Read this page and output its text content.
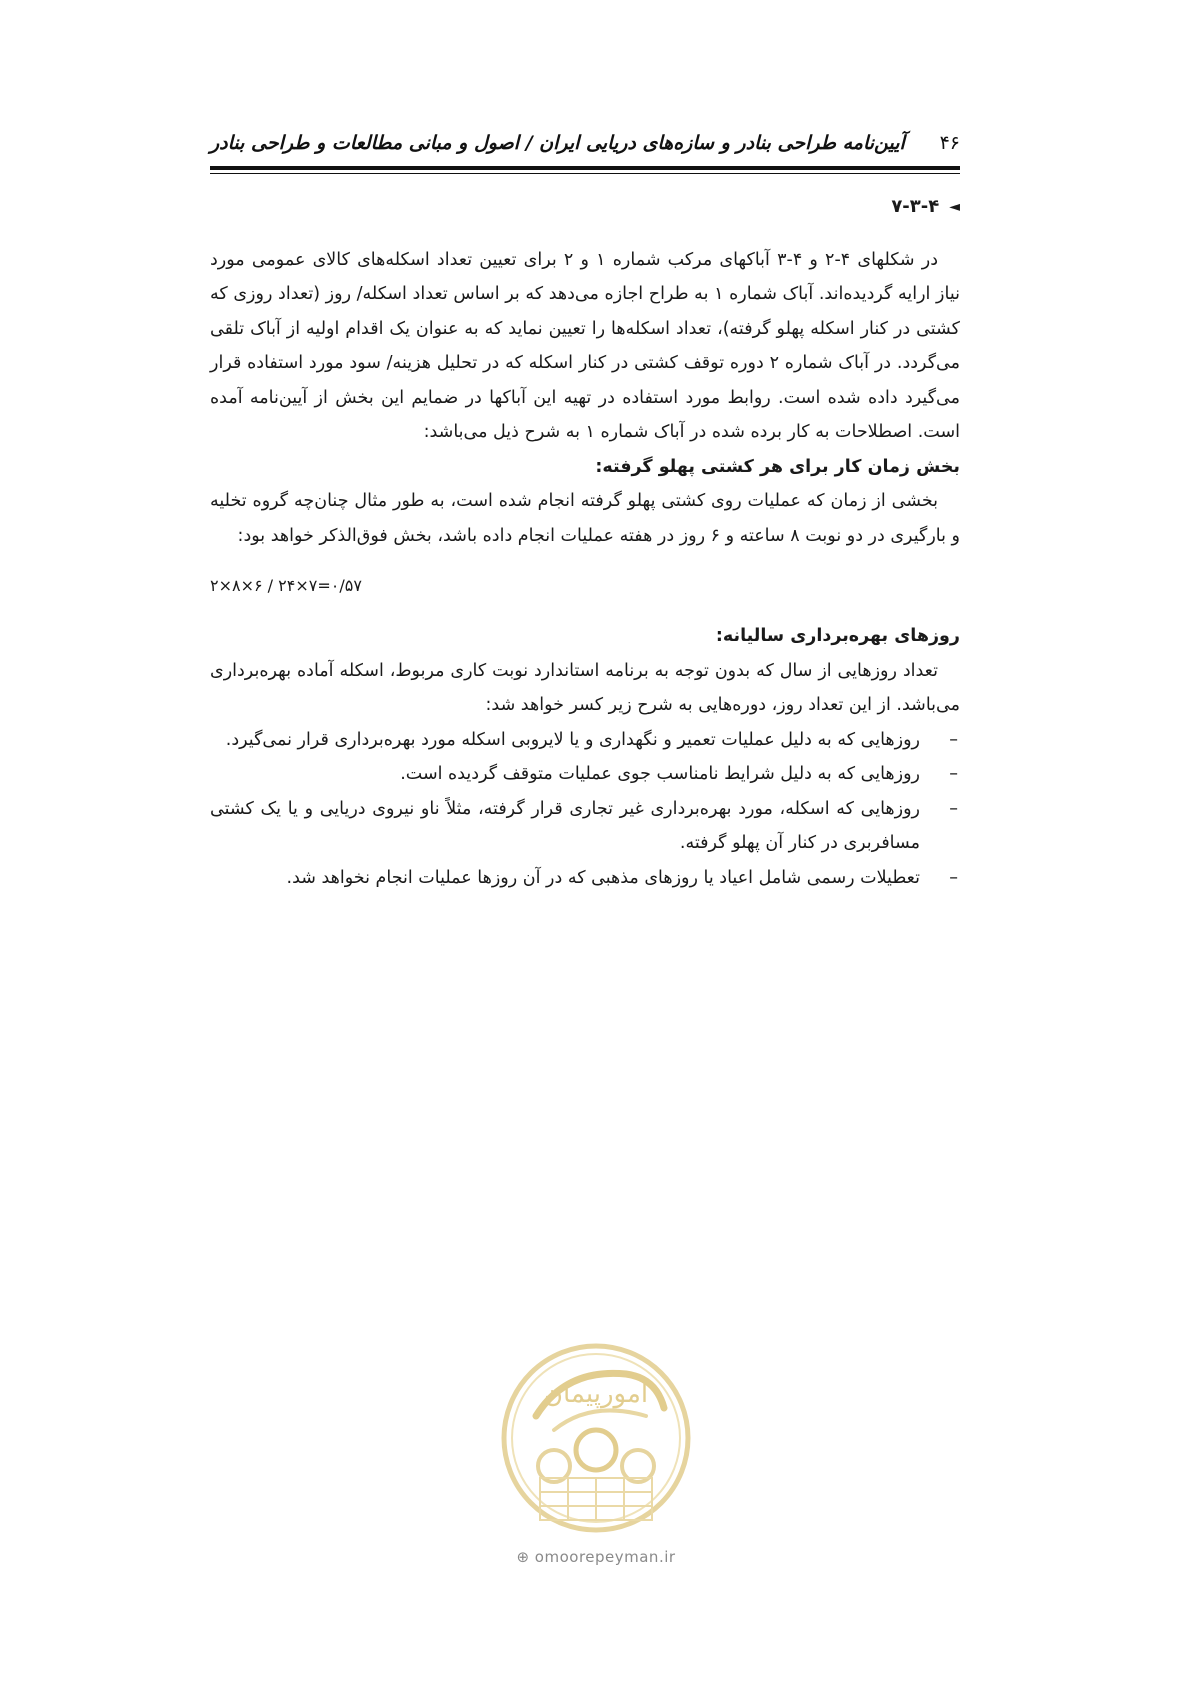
۴۶
آیین‌نامه طراحی بنادر و سازه‌های دریایی ایران / اصول و مبانی مطالعات و طراحی بنادر
◄
۷-۳-۴

در شکلهای ۴-۲ و ۴-۳ آباکهای مرکب شماره ۱ و ۲ برای تعیین تعداد اسکله‌های کالای عمومی مورد نیاز ارایه گردیده‌اند. آباک شماره ۱ به طراح اجازه می‌دهد که بر اساس تعداد اسکله/ روز (تعداد روزی که کشتی در کنار اسکله پهلو گرفته)، تعداد اسکله‌ها را تعیین نماید که به عنوان یک اقدام اولیه از آباک تلقی می‌گردد. در آباک شماره ۲ دوره توقف کشتی در کنار اسکله که در تحلیل هزینه/ سود مورد استفاده قرار می‌گیرد داده شده است. روابط مورد استفاده در تهیه این آباکها در ضمایم این بخش از آیین‌نامه آمده است. اصطلاحات به کار برده شده در آباک شماره ۱ به شرح ذیل می‌باشد:

بخش زمان کار برای هر کشتی پهلو گرفته:

بخشی از زمان که عملیات روی کشتی پهلو گرفته انجام شده است، به طور مثال چنان‌چه گروه تخلیه و بارگیری در دو نوبت ۸ ساعته و ۶ روز در هفته عملیات انجام داده باشد، بخش فوق‌الذکر خواهد بود:

۲×۸×۶ / ۲۴×۷=۰/۵۷

روزهای بهره‌برداری سالیانه:

تعداد روزهایی از سال که بدون توجه به برنامه استاندارد نوبت کاری مربوط، اسکله آماده بهره‌برداری می‌باشد. از این تعداد روز، دوره‌هایی به شرح زیر کسر خواهد شد:

–
روزهایی که به دلیل عملیات تعمیر و نگهداری و یا لایروبی اسکله مورد بهره‌برداری قرار نمی‌گیرد.
–
روزهایی که به دلیل شرایط نامناسب جوی عملیات متوقف گردیده است.
–
روزهایی که اسکله، مورد بهره‌برداری غیر تجاری قرار گرفته، مثلاً ناو نیروی دریایی و یا یک کشتی مسافربری در کنار آن پهلو گرفته.
–
تعطیلات رسمی شامل اعیاد یا روزهای مذهبی که در آن روزها عملیات انجام نخواهد شد.
امورپیمان
⊕ omoorepeyman.ir
